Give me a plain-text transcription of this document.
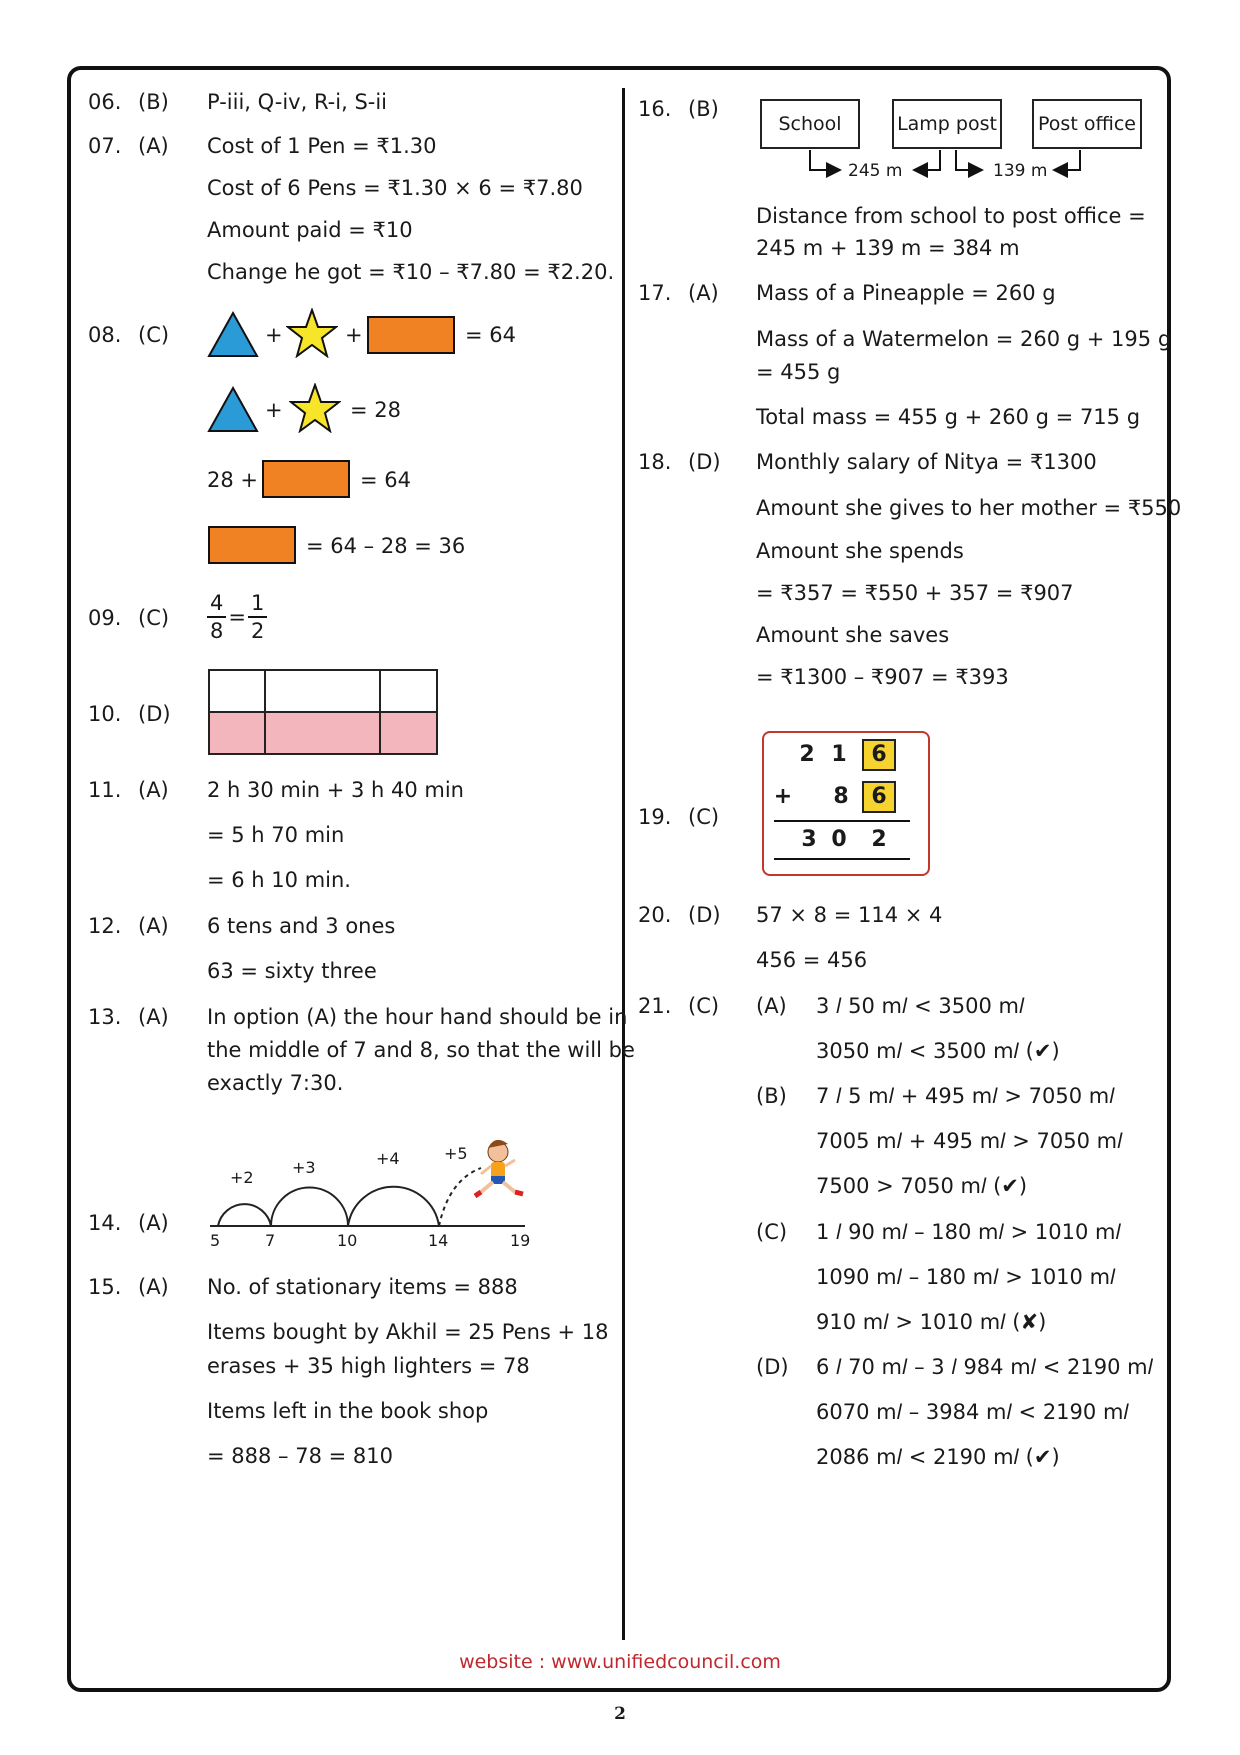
06. (B) P-iii, Q-iv, R-i, S-ii
07. (A) Cost of 1 Pen = ₹1.30
Cost of 6 Pens = ₹1.30 × 6 = ₹7.80
Amount paid = ₹10
Change he got = ₹10 – ₹7.80 = ₹2.20.
08. (C)	+	+	= 64
+	= 28
28 +	= 64
= 64 – 28 = 36
09. $(C) \frac{4}{8} = \frac{1}{2}$
10. (D)
11. (A) 2 h 30 min + 3 h 40 min
= 5 h 70 min
= 6 h 10 min.
12. (A) 6 tens and 3 ones
63 = sixty three
13. (A) In option (A) the hour hand should be in
the middle of 7 and 8, so that the will be
exactly 7:30.
14. (A)
+2
+3	+4	+5
5	7	10	14	19
15. (A) No. of stationary items = 888
Items bought by Akhil = 25 Pens + 18
erases + 35 high lighters = 78
Items left in the book shop
= 888 – 78 = 810
16. (B)
School	Lamp post	Post office
245 m	139 m
Distance from school to post office =
245 m + 139 m = 384 m
17. (A) Mass of a Pineapple = 260 g
Mass of a Watermelon = 260 g + 195 g
= 455 g
Total mass = 455 g + 260 g = 715 g
18. (D) Monthly salary of Nitya = ₹1300
Amount she gives to her mother = ₹550
Amount she spends
= ₹357 = ₹550 + 357 = ₹907
Amount she saves
= ₹1300 – ₹907 = ₹393
19. (C)
2 1	6
+	8	6
3 0	2
20. (D) 57 × 8 = 114 × 4
456 = 456
21. (C) (A) 3 𝑙 50 m𝑙 < 3500 m𝑙
3050 m𝑙 < 3500 m𝑙 (✔)
(B) 7 𝑙 5 m𝑙 + 495 m𝑙 > 7050 m𝑙
7005 m𝑙 + 495 m𝑙 > 7050 m𝑙
7500 > 7050 m𝑙 (✔)
(C) 1 𝑙 90 m𝑙 – 180 m𝑙 > 1010 m𝑙
1090 m𝑙 – 180 m𝑙 > 1010 m𝑙
910 m𝑙 > 1010 m𝑙 (✘)
(D) 6 𝑙 70 m𝑙 – 3 𝑙 984 m𝑙 < 2190 m𝑙
6070 m𝑙 – 3984 m𝑙 < 2190 m𝑙
2086 m𝑙 < 2190 m𝑙 (✔)
website : www.unifiedcouncil.com
2
